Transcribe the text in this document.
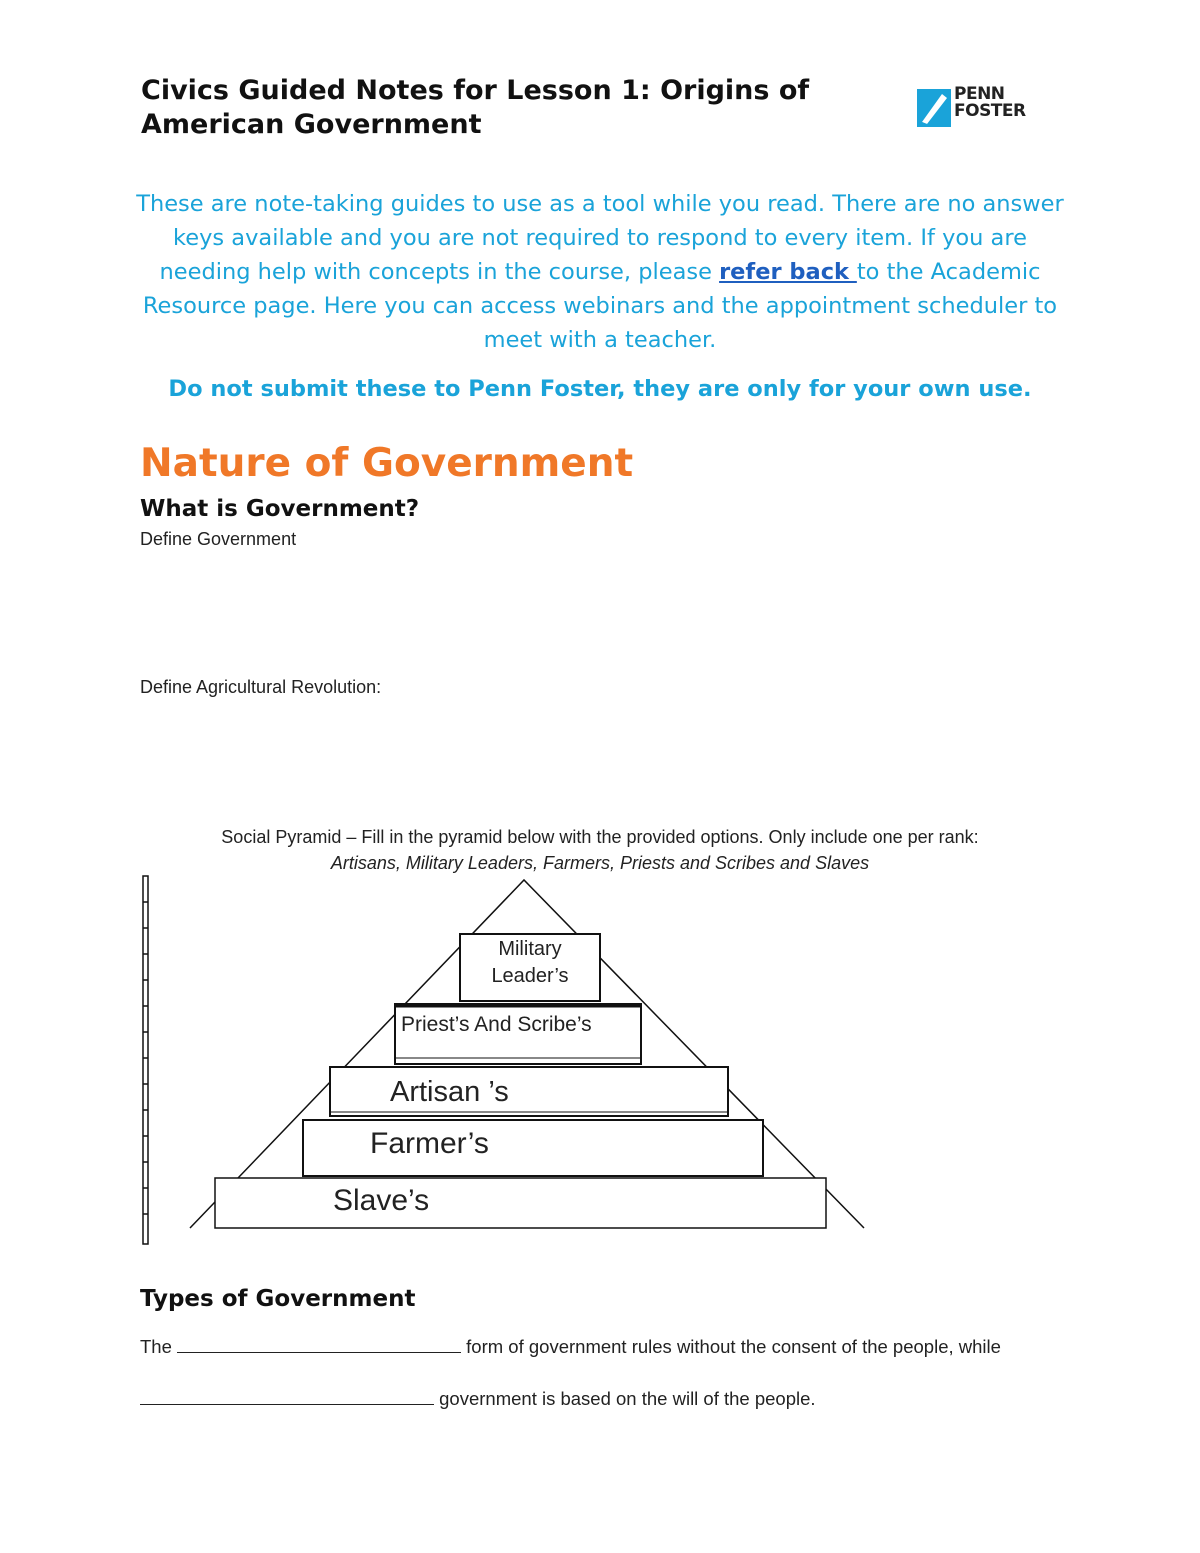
Civics Guided Notes for Lesson 1: Origins of American Government
PENN
FOSTER
These are note-taking guides to use as a tool while you read. There are no answer keys available and you are not required to respond to every item. If you are needing help with concepts in the course, please refer back to the Academic Resource page. Here you can access webinars and the appointment scheduler to meet with a teacher.
Do not submit these to Penn Foster, they are only for your own use.
Nature of Government
What is Government?
Define Government
Define Agricultural Revolution:
Social Pyramid – Fill in the pyramid below with the provided options. Only include one per rank:
Artisans, Military Leaders, Farmers, Priests and Scribes and Slaves
Military
Leader’s
Priest’s And Scribe’s
Artisan ’s
Farmer’s
Slave’s
Types of Government
The	form of government rules without the consent of the people, while
government is based on the will of the people.
